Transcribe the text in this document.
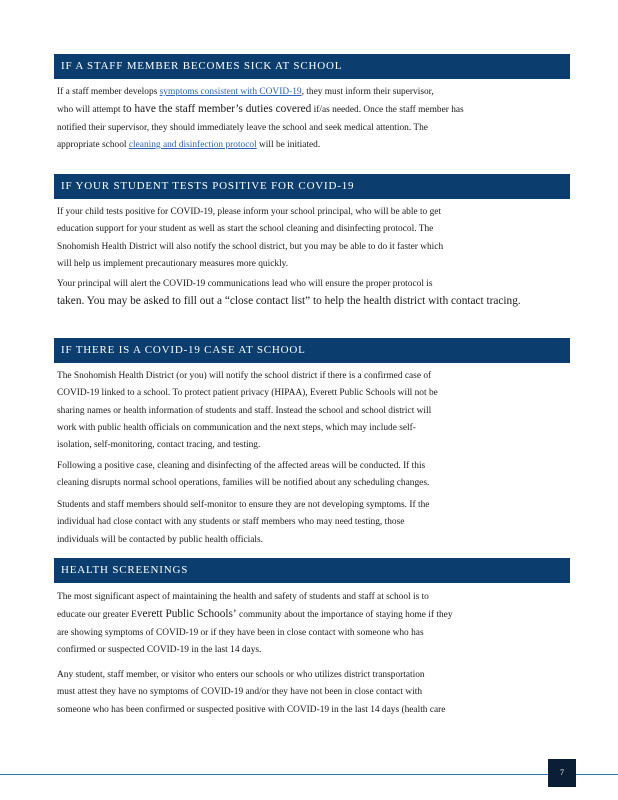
IF A STAFF MEMBER BECOMES SICK AT SCHOOL
If a staff member develops symptoms consistent with COVID-19, they must inform their supervisor,
who will attempt to have the staff member’s duties covered if/as needed. Once the staff member has
notified their supervisor, they should immediately leave the school and seek medical attention. The
appropriate school cleaning and disinfection protocol will be initiated.
IF YOUR STUDENT TESTS POSITIVE FOR COVID-19
If your child tests positive for COVID-19, please inform your school principal, who will be able to get
education support for your student as well as start the school cleaning and disinfecting protocol. The
Snohomish Health District will also notify the school district, but you may be able to do it faster which
will help us implement precautionary measures more quickly.
Your principal will alert the COVID-19 communications lead who will ensure the proper protocol is
taken. You may be asked to fill out a “close contact list” to help the health district with contact tracing.
IF THERE IS A COVID-19 CASE AT SCHOOL
The Snohomish Health District (or you) will notify the school district if there is a confirmed case of
COVID-19 linked to a school. To protect patient privacy (HIPAA), Everett Public Schools will not be
sharing names or health information of students and staff. Instead the school and school district will
work with public health officials on communication and the next steps, which may include self-
isolation, self-monitoring, contact tracing, and testing.
Following a positive case, cleaning and disinfecting of the affected areas will be conducted. If this
cleaning disrupts normal school operations, families will be notified about any scheduling changes.
Students and staff members should self-monitor to ensure they are not developing symptoms. If the
individual had close contact with any students or staff members who may need testing, those
individuals will be contacted by public health officials.
HEALTH SCREENINGS
The most significant aspect of maintaining the health and safety of students and staff at school is to
educate our greater Everett Public Schools’ community about the importance of staying home if they
are showing symptoms of COVID-19 or if they have been in close contact with someone who has
confirmed or suspected COVID-19 in the last 14 days.
Any student, staff member, or visitor who enters our schools or who utilizes district transportation
must attest they have no symptoms of COVID-19 and/or they have not been in close contact with
someone who has been confirmed or suspected positive with COVID-19 in the last 14 days (health care
7
